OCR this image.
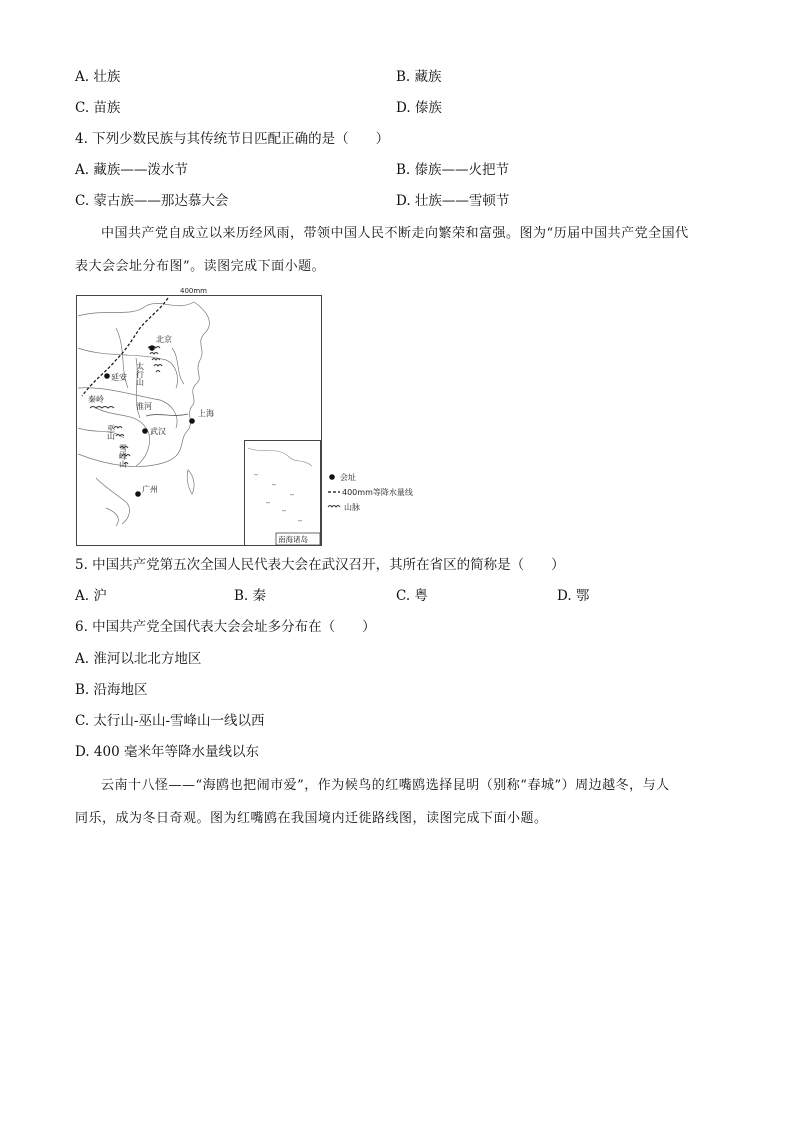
A. 壮族	B. 藏族
C. 苗族	D. 傣族
4. 下列少数民族与其传统节日匹配正确的是（　　）
A. 藏族——泼水节	B. 傣族——火把节
C. 蒙古族——那达慕大会	D. 壮族——雪顿节
中国共产党自成立以来历经风雨，带领中国人民不断走向繁荣和富强。图为“历届中国共产党全国代
表大会会址分布图”。读图完成下面小题。
400mm
北京
延安
武汉
上海
广州
淮河
秦岭
太行山
巫山
雪峰山
南海诸岛
会址
400mm等降水量线
山脉
5. 中国共产党第五次全国人民代表大会在武汉召开，其所在省区的简称是（　　）
A. 沪	B. 秦	C. 粤	D. 鄂
6. 中国共产党全国代表大会会址多分布在（　　）
A. 淮河以北北方地区
B. 沿海地区
C. 太行山-巫山-雪峰山一线以西
D. 400 毫米年等降水量线以东
云南十八怪——“海鸥也把闹市爱”，作为候鸟的红嘴鸥选择昆明（别称“春城”）周边越冬，与人
同乐，成为冬日奇观。图为红嘴鸥在我国境内迁徙路线图，读图完成下面小题。
